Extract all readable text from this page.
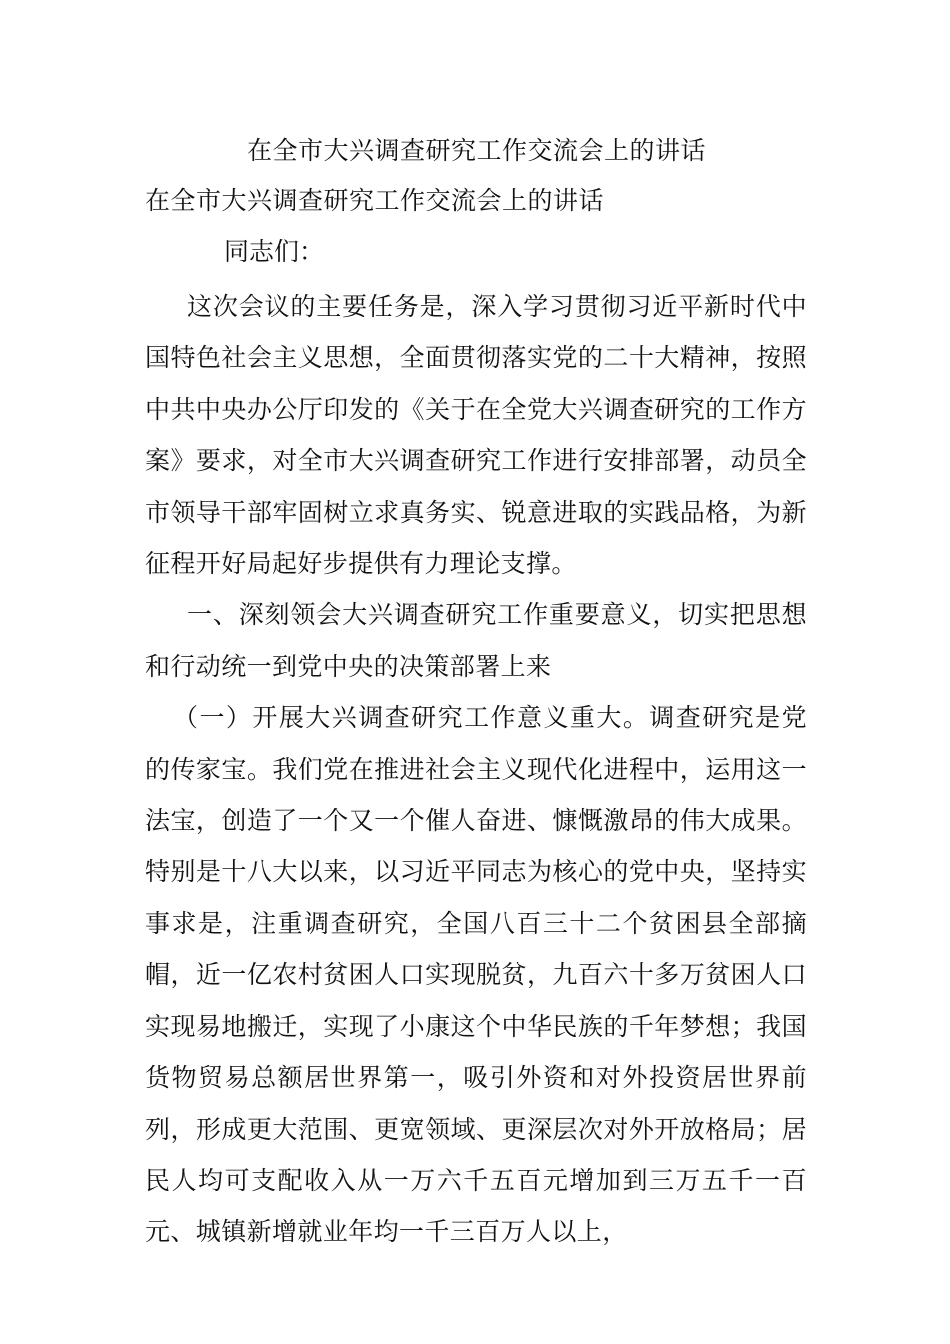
在全市大兴调查研究工作交流会上的讲话
在全市大兴调查研究工作交流会上的讲话
同志们：

这次会议的主要任务是，深入学习贯彻习近平新时代中国特色社会主义思想，全面贯彻落实党的二十大精神，按照中共中央办公厅印发的《关于在全党大兴调查研究的工作方案》要求，对全市大兴调查研究工作进行安排部署，动员全市领导干部牢固树立求真务实、锐意进取的实践品格，为新征程开好局起好步提供有力理论支撑。

一、深刻领会大兴调查研究工作重要意义，切实把思想和行动统一到党中央的决策部署上来

（一）开展大兴调查研究工作意义重大。调查研究是党的传家宝。我们党在推进社会主义现代化进程中，运用这一法宝，创造了一个又一个催人奋进、慷慨激昂的伟大成果。特别是十八大以来，以习近平同志为核心的党中央，坚持实事求是，注重调查研究，全国八百三十二个贫困县全部摘帽，近一亿农村贫困人口实现脱贫，九百六十多万贫困人口实现易地搬迁，实现了小康这个中华民族的千年梦想；我国货物贸易总额居世界第一，吸引外资和对外投资居世界前列，形成更大范围、更宽领域、更深层次对外开放格局；居民人均可支配收入从一万六千五百元增加到三万五千一百元、城镇新增就业年均一千三百万人以上，
